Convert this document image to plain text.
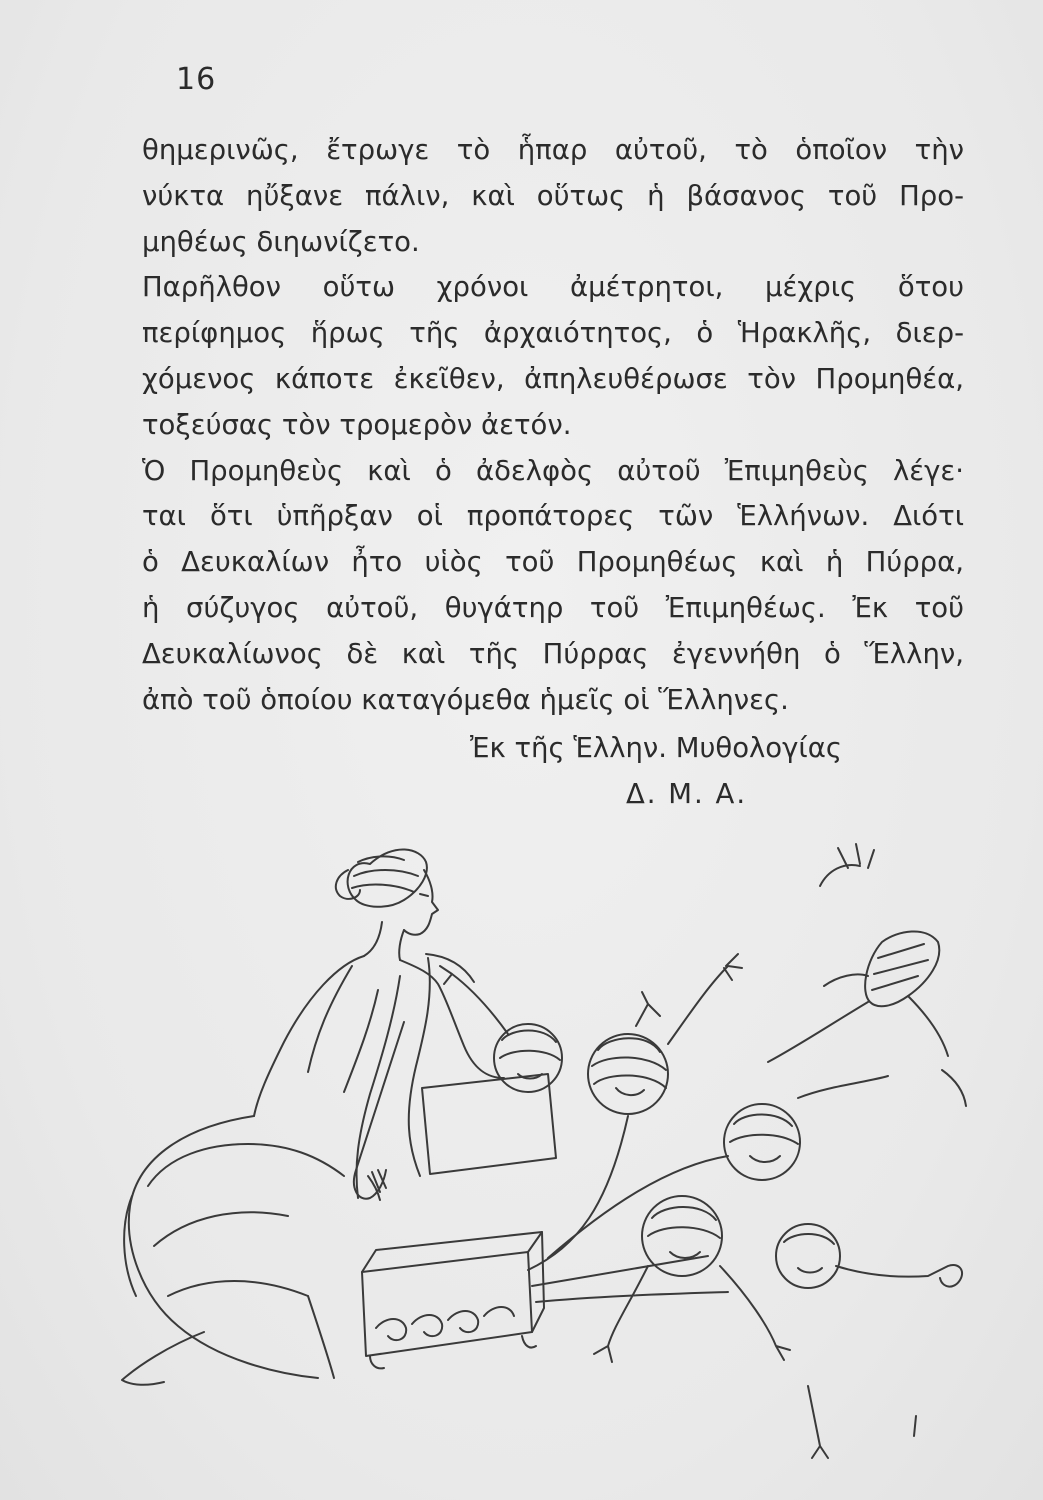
16
θημερινῶς, ἔτρωγε τὸ ἧπαρ αὐτοῦ, τὸ ὁποῖον τὴν
νύκτα ηὔξανε πάλιν, καὶ οὕτως ἡ βάσανος τοῦ Προ-
μηθέως διηωνίζετο.
Παρῆλθον οὕτω χρόνοι ἀμέτρητοι, μέχρις ὅτου
περίφημος ἥρως τῆς ἀρχαιότητος, ὁ Ἡρακλῆς, διερ-
χόμενος κάποτε ἐκεῖθεν, ἀπηλευθέρωσε τὸν Προμηθέα,
τοξεύσας τὸν τρομερὸν ἀετόν.
Ὁ Προμηθεὺς καὶ ὁ ἀδελφὸς αὐτοῦ Ἐπιμηθεὺς λέγε·
ται ὅτι ὑπῆρξαν οἱ προπάτορες τῶν Ἑλλήνων. Διότι
ὁ Δευκαλίων ἦτο υἱὸς τοῦ Προμηθέως καὶ ἡ Πύρρα,
ἡ σύζυγος αὐτοῦ, θυγάτηρ τοῦ Ἐπιμηθέως. Ἐκ τοῦ
Δευκαλίωνος δὲ καὶ τῆς Πύρρας ἐγεννήθη ὁ Ἕλλην,
ἀπὸ τοῦ ὁποίου καταγόμεθα ἡμεῖς οἱ Ἕλληνες.
Ἐκ τῆς Ἑλλην. Μυθολογίας
Δ. Μ. Α.
